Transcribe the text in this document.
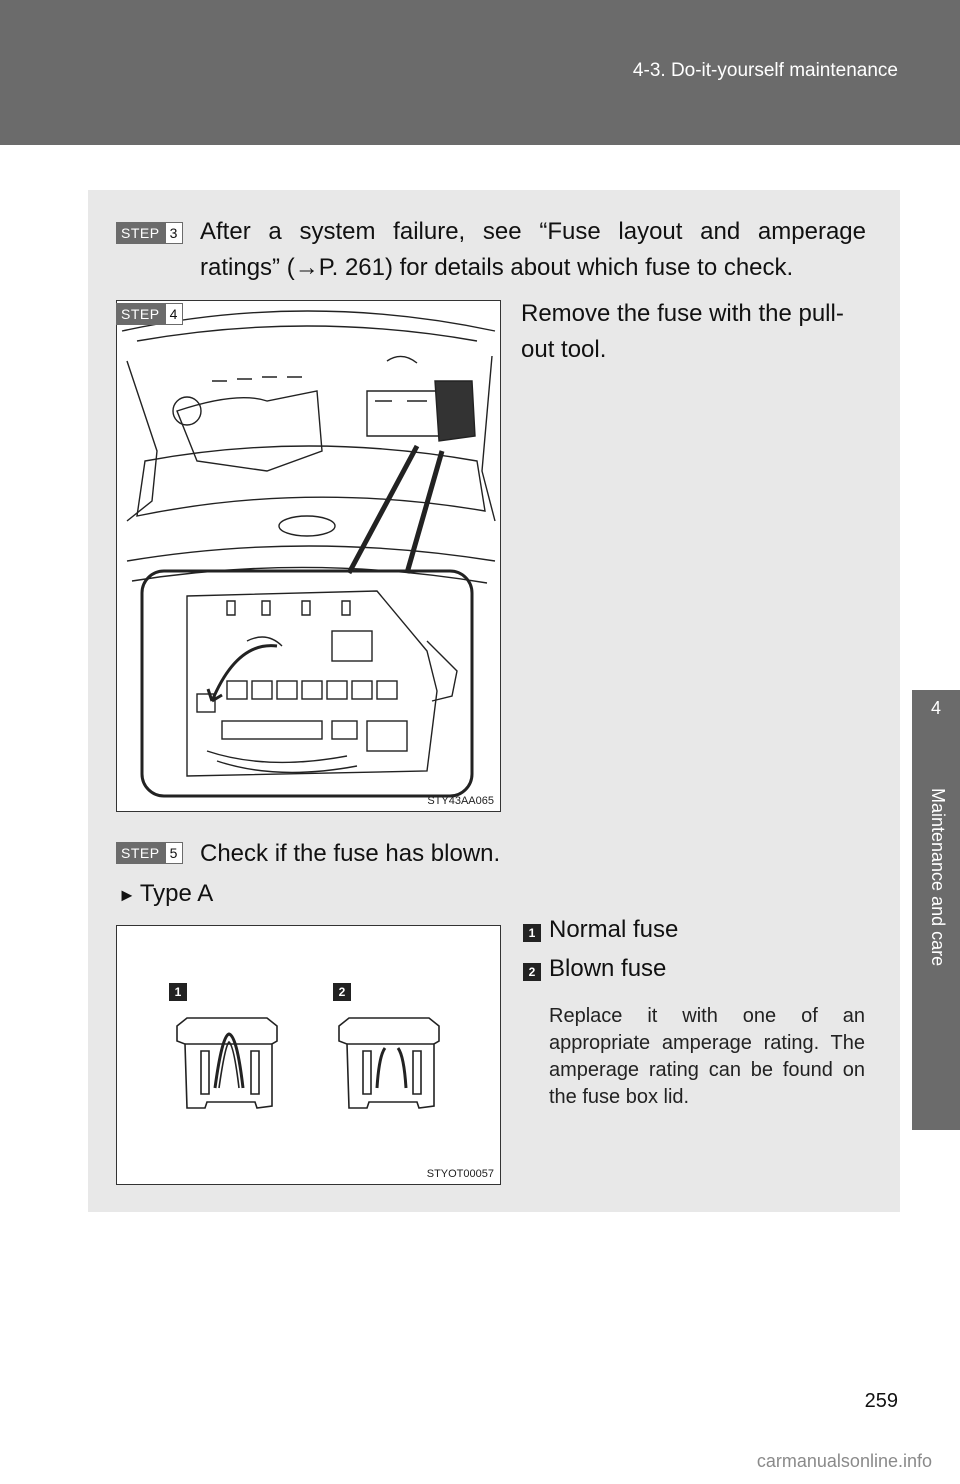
4-3. Do-it-yourself maintenance
4
Maintenance and care
STEP 3 After a system failure, see “Fuse layout and amperage
ratings” (→P. 261) for details about which fuse to check.
STY43AA065
STEP 4	Remove the fuse with the pull-
out tool.
STEP 5 Check if the fuse has blown.
► Type A
1	2
STYOT00057
1 Normal fuse
2 Blown fuse
Replace it with one of an appropriate amperage rating. The amperage rating can be found on the fuse box lid.
259
carmanualsonline.info
